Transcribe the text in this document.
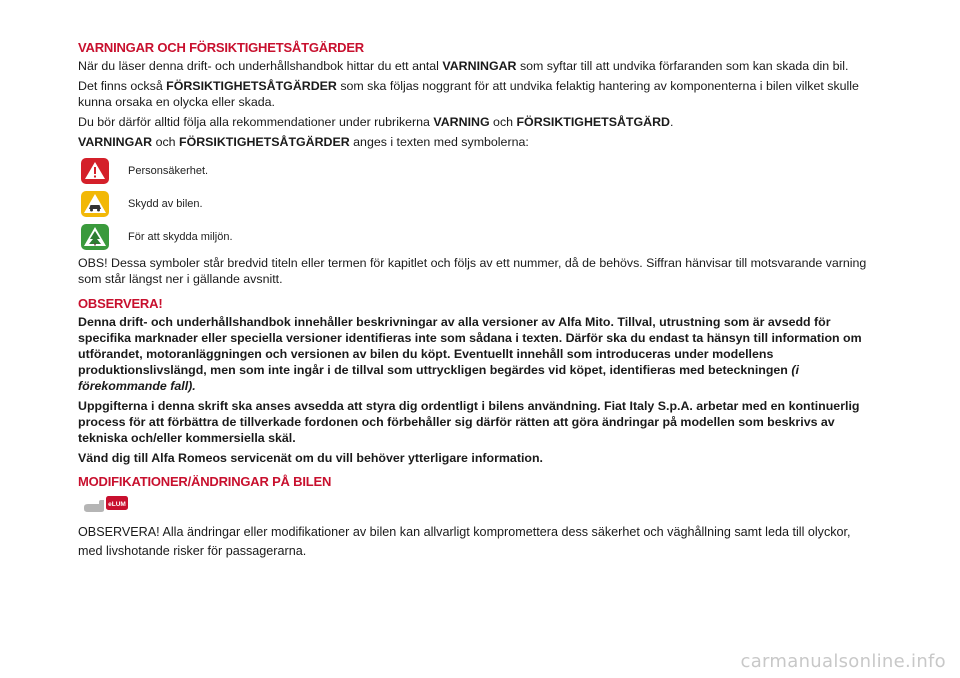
VARNINGAR OCH FÖRSIKTIGHETSÅTGÄRDER

När du läser denna drift- och underhållshandbok hittar du ett antal VARNINGAR som syftar till att undvika förfaranden som kan skada din bil.

Det finns också FÖRSIKTIGHETSÅTGÄRDER som ska följas noggrant för att undvika felaktig hantering av komponenterna i bilen vilket skulle kunna orsaka en olycka eller skada.

Du bör därför alltid följa alla rekommendationer under rubrikerna VARNING och FÖRSIKTIGHETSÅTGÄRD.

VARNINGAR och FÖRSIKTIGHETSÅTGÄRDER anges i texten med symbolerna:

Personsäkerhet.
Skydd av bilen.
För att skydda miljön.

OBS! Dessa symboler står bredvid titeln eller termen för kapitlet och följs av ett nummer, då de behövs. Siffran hänvisar till motsvarande varning som står längst ner i gällande avsnitt.

OBSERVERA!

Denna drift- och underhållshandbok innehåller beskrivningar av alla versioner av Alfa Mito. Tillval, utrustning som är avsedd för specifika marknader eller speciella versioner identifieras inte som sådana i texten. Därför ska du endast ta hänsyn till information om utförandet, motoranläggningen och versionen av bilen du köpt. Eventuellt innehåll som introduceras under modellens produktionslivslängd, men som inte ingår i de tillval som uttryckligen begärdes vid köpet, identifieras med beteckningen (i förekommande fall).

Uppgifterna i denna skrift ska anses avsedda att styra dig ordentligt i bilens användning. Fiat Italy S.p.A. arbetar med en kontinuerlig process för att förbättra de tillverkade fordonen och förbehåller sig därför rätten att göra ändringar på modellen som beskrivs av tekniska och/eller kommersiella skäl.

Vänd dig till Alfa Romeos servicenät om du vill behöver ytterligare information.

MODIFIKATIONER/ÄNDRINGAR PÅ BILEN
eLUM
OBSERVERA! Alla ändringar eller modifikationer av bilen kan allvarligt komprometterа dess säkerhet och väghållning samt leda till olyckor, med livshotande risker för passagerarna.
carmanualsonline.info
